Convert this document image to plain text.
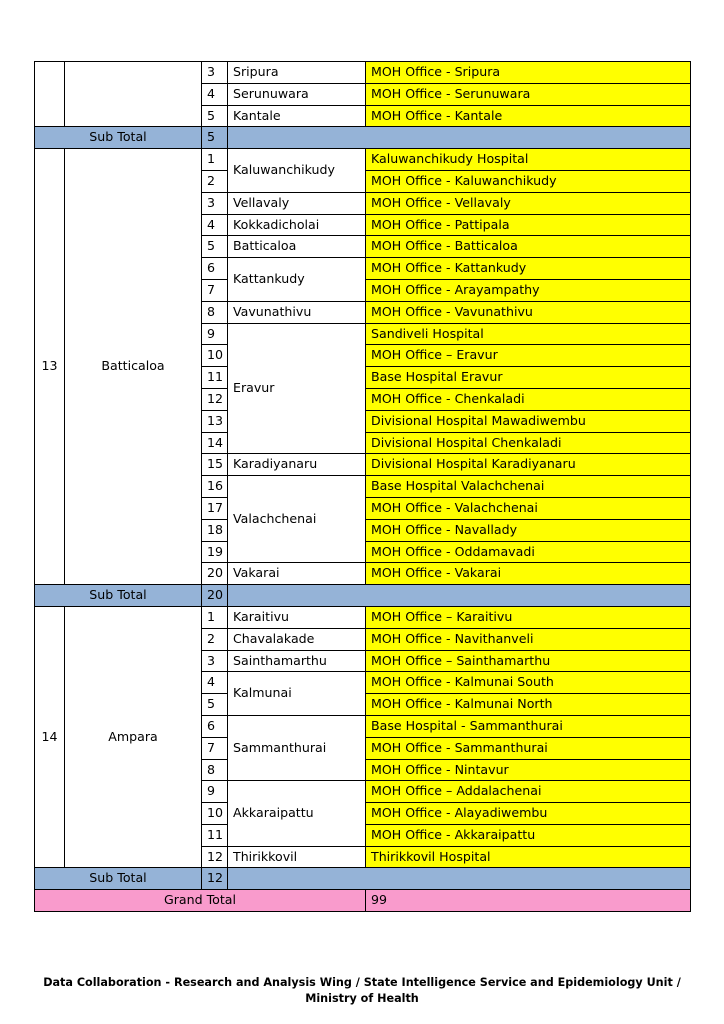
		3	Sripura	MOH Office - Sripura
		4	Serunuwara	MOH Office - Serunuwara
		5	Kantale	MOH Office - Kantale
Sub Total		5		
13	Batticaloa	1	Kaluwanchikudy	Kaluwanchikudy Hospital
		2		MOH Office - Kaluwanchikudy
		3	Vellavaly	MOH Office - Vellavaly
		4	Kokkadicholai	MOH Office - Pattipala
		5	Batticaloa	MOH Office - Batticaloa
		6	Kattankudy	MOH Office - Kattankudy
		7		MOH Office - Arayampathy
		8	Vavunathivu	MOH Office - Vavunathivu
		9	Eravur	Sandiveli Hospital
		10		MOH Office – Eravur
		11		Base Hospital Eravur
		12		MOH Office - Chenkaladi
		13		Divisional Hospital Mawadiwembu
		14		Divisional Hospital Chenkaladi
		15	Karadiyanaru	Divisional Hospital Karadiyanaru
		16	Valachchenai	Base Hospital Valachchenai
		17		MOH Office - Valachchenai
		18		MOH Office - Navallady
		19		MOH Office - Oddamavadi
		20	Vakarai	MOH Office - Vakarai
Sub Total		20		
14	Ampara	1	Karaitivu	MOH Office – Karaitivu
		2	Chavalakade	MOH Office - Navithanveli
		3	Sainthamarthu	MOH Office – Sainthamarthu
		4	Kalmunai	MOH Office - Kalmunai South
		5		MOH Office - Kalmunai North
		6	Sammanthurai	Base Hospital - Sammanthurai
		7		MOH Office - Sammanthurai
		8		MOH Office - Nintavur
		9	Akkaraipattu	MOH Office – Addalachenai
		10		MOH Office - Alayadiwembu
		11		MOH Office - Akkaraipattu
		12	Thirikkovil	Thirikkovil Hospital
Sub Total		12		
Grand Total				99
Data Collaboration - Research and Analysis Wing / State Intelligence Service and Epidemiology Unit / Ministry of Health
